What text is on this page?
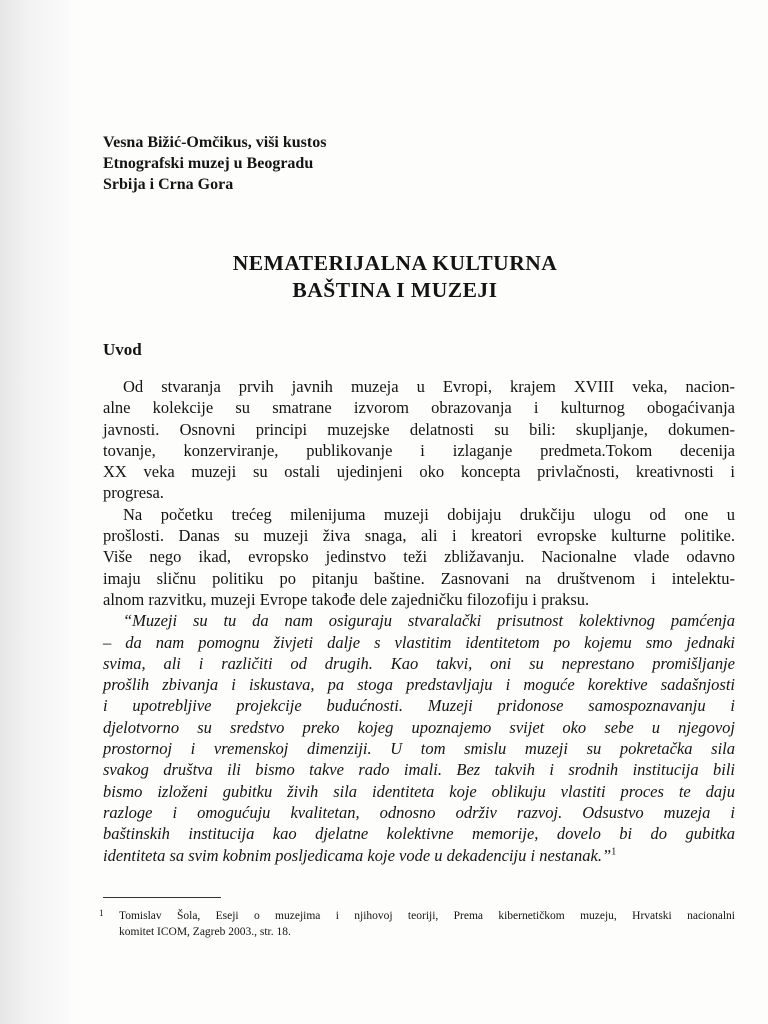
Vesna Bižić-Omčikus, viši kustos
Etnografski muzej u Beogradu
Srbija i Crna Gora
NEMATERIJALNA KULTURNA
BAŠTINA I MUZEJI
Uvod
Od stvaranja prvih javnih muzeja u Evropi, krajem XVIII veka, nacion-
alne kolekcije su smatrane izvorom obrazovanja i kulturnog obogaćivanja
javnosti. Osnovni principi muzejske delatnosti su bili: skupljanje, dokumen-
tovanje, konzerviranje, publikovanje i izlaganje predmeta.Tokom decenija
XX veka muzeji su ostali ujedinjeni oko koncepta privlačnosti, kreativnosti i
progresa.
Na početku trećeg milenijuma muzeji dobijaju drukčiju ulogu od one u
prošlosti. Danas su muzeji živa snaga, ali i kreatori evropske kulturne politike.
Više nego ikad, evropsko jedinstvo teži zbližavanju. Nacionalne vlade odavno
imaju sličnu politiku po pitanju baštine. Zasnovani na društvenom i intelektu-
alnom razvitku, muzeji Evrope takođe dele zajedničku filozofiju i praksu.
“Muzeji su tu da nam osiguraju stvaralački prisutnost kolektivnog pamćenja
– da nam pomognu živjeti dalje s vlastitim identitetom po kojemu smo jednaki
svima, ali i različiti od drugih. Kao takvi, oni su neprestano promišljanje
prošlih zbivanja i iskustava, pa stoga predstavljaju i moguće korektive sadašnjosti
i upotrebljive projekcije budućnosti. Muzeji pridonose samospoznavanju i
djelotvorno su sredstvo preko kojeg upoznajemo svijet oko sebe u njegovoj
prostornoj i vremenskoj dimenziji. U tom smislu muzeji su pokretačka sila
svakog društva ili bismo takve rado imali. Bez takvih i srodnih institucija bili
bismo izloženi gubitku živih sila identiteta koje oblikuju vlastiti proces te daju
razloge i omogućuju kvalitetan, odnosno održiv razvoj. Odsustvo muzeja i
baštinskih institucija kao djelatne kolektivne memorije, dovelo bi do gubitka
identiteta sa svim kobnim posljedicama koje vode u dekadenciju i nestanak.”$^1$
1 Tomislav Šola, Eseji o muzejima i njihovoj teoriji, Prema kibernetičkom muzeju, Hrvatski nacionalni
komitet ICOM, Zagreb 2003., str. 18.
